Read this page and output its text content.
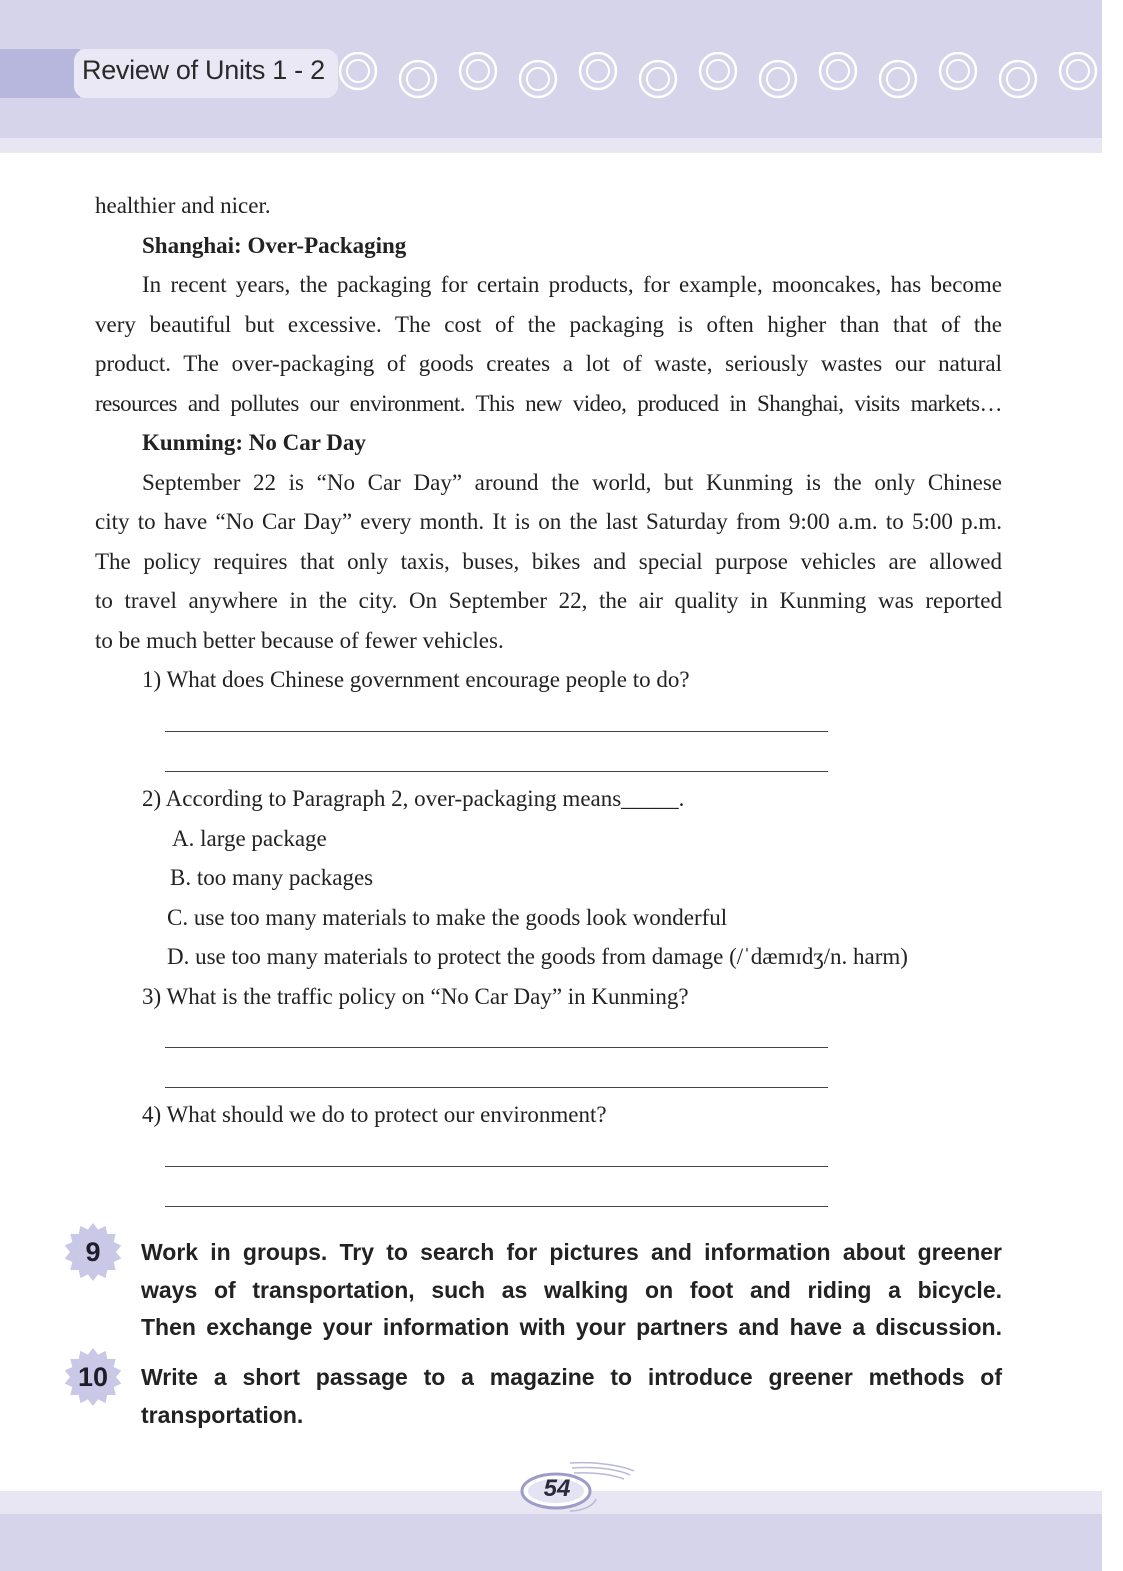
Review of Units 1 - 2
healthier and nicer.
Shanghai: Over-Packaging
In recent years, the packaging for certain products, for example, mooncakes, has become
very beautiful but excessive. The cost of the packaging is often higher than that of the
product. The over-packaging of goods creates a lot of waste, seriously wastes our natural
resources and pollutes our environment. This new video, produced in Shanghai, visits markets…
Kunming: No Car Day
September 22 is “No Car Day” around the world, but Kunming is the only Chinese
city to have “No Car Day” every month. It is on the last Saturday from 9:00 a.m. to 5:00 p.m.
The policy requires that only taxis, buses, bikes and special purpose vehicles are allowed
to travel anywhere in the city. On September 22, the air quality in Kunming was reported
to be much better because of fewer vehicles.
1) What does Chinese government encourage people to do?
2) According to Paragraph 2, over-packaging means_____.
A. large package
B. too many packages
C. use too many materials to make the goods look wonderful
D. use too many materials to protect the goods from damage (/ˈdæmɪdʒ/n. harm)
3) What is the traffic policy on “No Car Day” in Kunming?
4) What should we do to protect our environment?
9	Work in groups. Try to search for pictures and information about greener
ways of transportation, such as walking on foot and riding a bicycle.
Then exchange your information with your partners and have a discussion.
10	Write a short passage to a magazine to introduce greener methods of
transportation.
54
